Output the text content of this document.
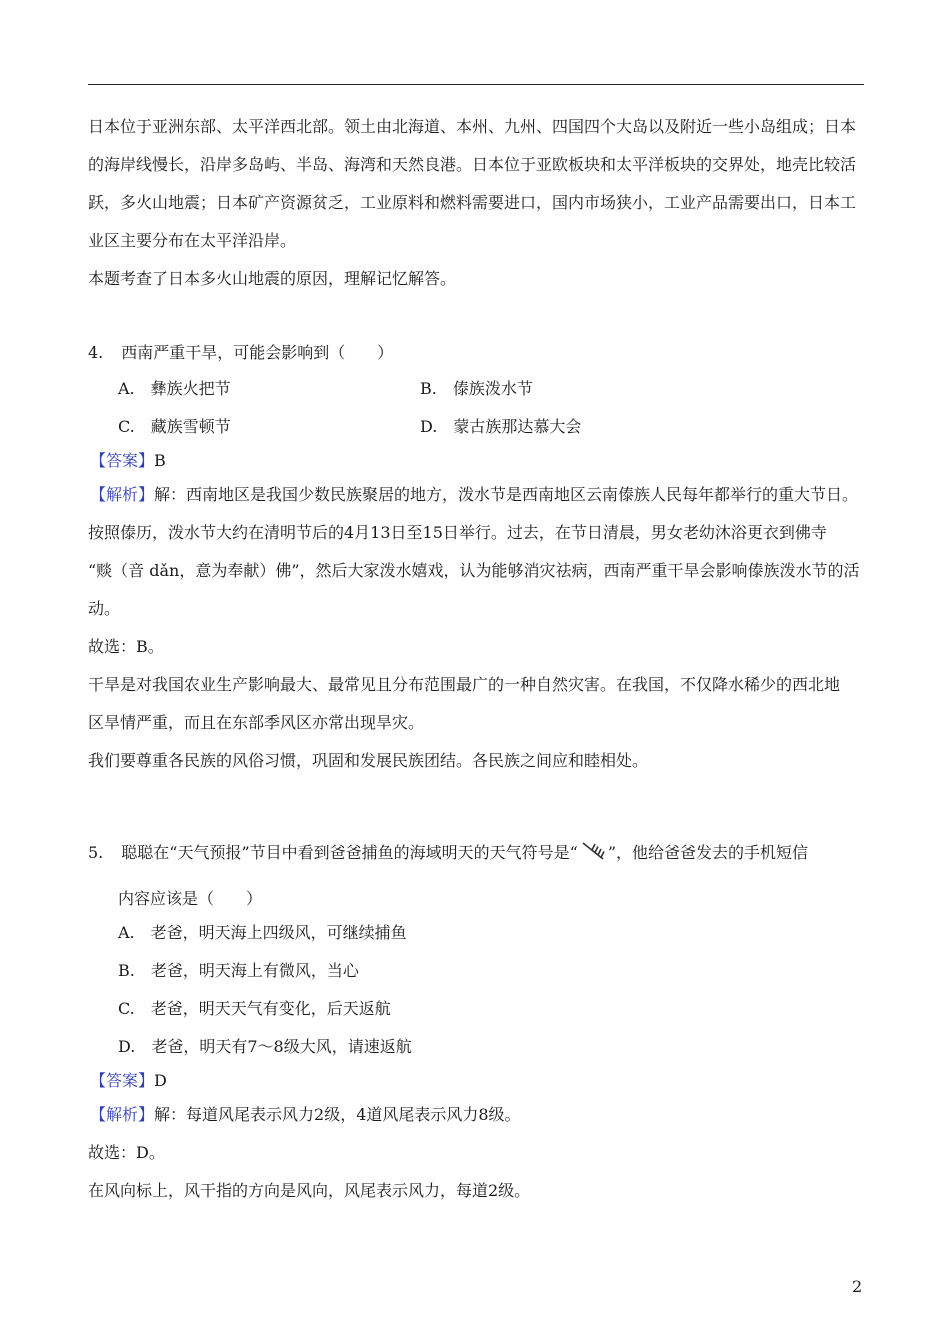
日本位于亚洲东部、太平洋西北部。领土由北海道、本州、九州、四国四个大岛以及附近一些小岛组成；日本
的海岸线慢长，沿岸多岛屿、半岛、海湾和天然良港。日本位于亚欧板块和太平洋板块的交界处，地壳比较活
跃，多火山地震；日本矿产资源贫乏，工业原料和燃料需要进口，国内市场狭小，工业产品需要出口，日本工
业区主要分布在太平洋沿岸。
本题考查了日本多火山地震的原因，理解记忆解答。
4. 西南严重干旱，可能会影响到（　　）
A.　彝族火把节	B.　傣族泼水节
C.　藏族雪顿节	D.　蒙古族那达慕大会
【答案】B
【解析】解：西南地区是我国少数民族聚居的地方，泼水节是西南地区云南傣族人民每年都举行的重大节日。
按照傣历，泼水节大约在清明节后的4月13日至15日举行。过去，在节日清晨，男女老幼沐浴更衣到佛寺
“赕（音 dǎn，意为奉献）佛”，然后大家泼水嬉戏，认为能够消灾祛病，西南严重干旱会影响傣族泼水节的活
动。
故选：B。
干旱是对我国农业生产影响最大、最常见且分布范围最广的一种自然灾害。在我国，不仅降水稀少的西北地
区旱情严重，而且在东部季风区亦常出现旱灾。
我们要尊重各民族的风俗习惯，巩固和发展民族团结。各民族之间应和睦相处。
5. 聪聪在“天气预报”节目中看到爸爸捕鱼的海域明天的天气符号是“ ”，他给爸爸发去的手机短信
内容应该是（　　）
A.　老爸，明天海上四级风，可继续捕鱼
B.　老爸，明天海上有微风，当心
C.　老爸，明天天气有变化，后天返航
D.　老爸，明天有7～8级大风，请速返航
【答案】D
【解析】解：每道风尾表示风力2级，4道风尾表示风力8级。
故选：D。
在风向标上，风干指的方向是风向，风尾表示风力，每道2级。
2
